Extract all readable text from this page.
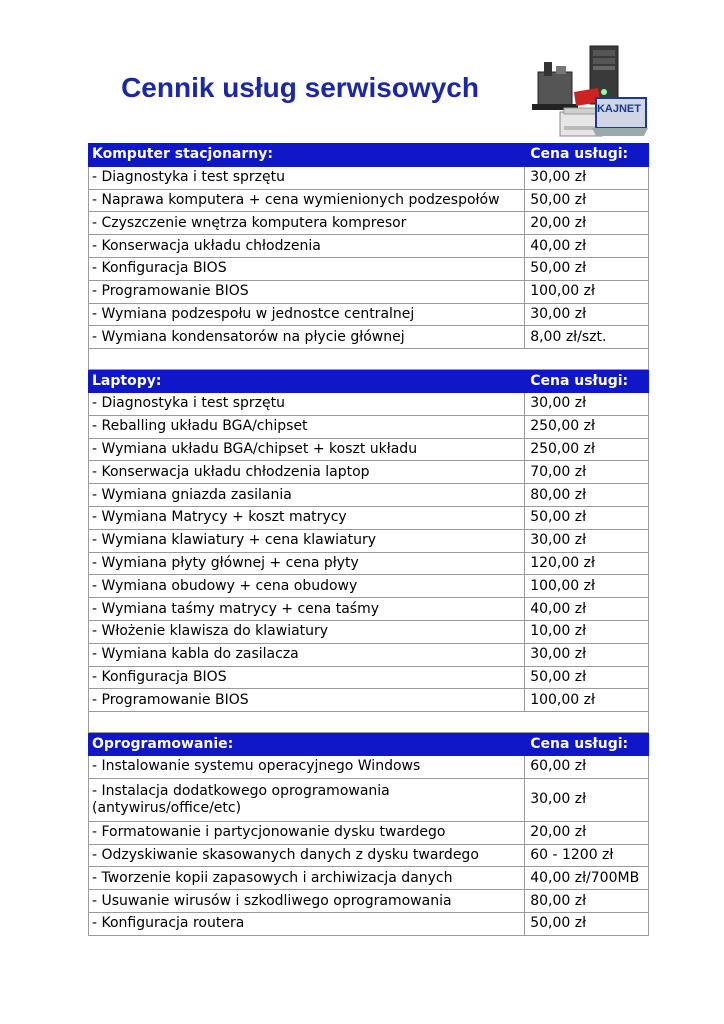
Cennik usług serwisowych
KAJNET
Komputer stacjonarny:	Cena usługi:
- Diagnostyka i test sprzętu	30,00 zł
- Naprawa komputera + cena wymienionych podzespołów	50,00 zł
- Czyszczenie wnętrza komputera kompresor	20,00 zł
- Konserwacja układu chłodzenia	40,00 zł
- Konfiguracja BIOS	50,00 zł
- Programowanie BIOS	100,00 zł
- Wymiana podzespołu w jednostce centralnej	30,00 zł
- Wymiana kondensatorów na płycie głównej	8,00 zł/szt.

Laptopy:	Cena usługi:
- Diagnostyka i test sprzętu	30,00 zł
- Reballing układu BGA/chipset	250,00 zł
- Wymiana układu BGA/chipset + koszt układu	250,00 zł
- Konserwacja układu chłodzenia laptop	70,00 zł
- Wymiana gniazda zasilania	80,00 zł
- Wymiana Matrycy + koszt matrycy	50,00 zł
- Wymiana klawiatury + cena klawiatury	30,00 zł
- Wymiana płyty głównej + cena płyty	120,00 zł
- Wymiana obudowy + cena obudowy	100,00 zł
- Wymiana taśmy matrycy + cena taśmy	40,00 zł
- Włożenie klawisza do klawiatury	10,00 zł
- Wymiana kabla do zasilacza	30,00 zł
- Konfiguracja BIOS	50,00 zł
- Programowanie BIOS	100,00 zł

Oprogramowanie:	Cena usługi:
- Instalowanie systemu operacyjnego Windows	60,00 zł
- Instalacja dodatkowego oprogramowania (antywirus/office/etc)	30,00 zł
- Formatowanie i partycjonowanie dysku twardego	20,00 zł
- Odzyskiwanie skasowanych danych z dysku twardego	60 - 1200 zł
- Tworzenie kopii zapasowych i archiwizacja danych	40,00 zł/700MB
- Usuwanie wirusów i szkodliwego oprogramowania	80,00 zł
- Konfiguracja routera	50,00 zł
